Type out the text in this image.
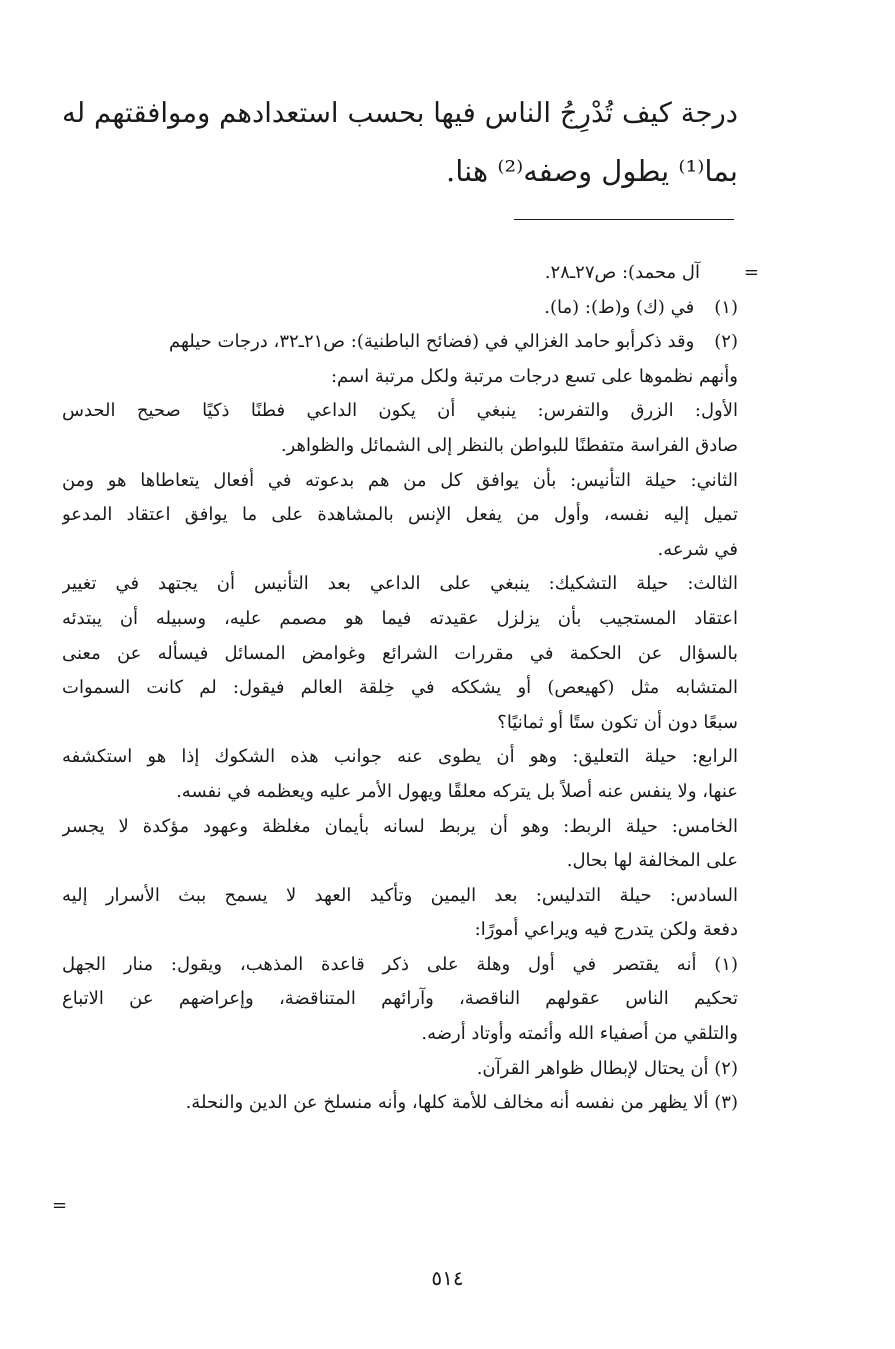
درجة كيف تُدْرِجُ الناس فيها بحسب استعدادهم وموافقتهم له
بما⁽¹⁾ يطول وصفه⁽²⁾ هنا.

آل محمد): ص٢٧ـ٢٨.
(١) في (ك) و(ط): (ما).
(٢) وقد ذكرأبو حامد الغزالي في (فضائح الباطنية): ص٢١ـ٣٢، درجات حيلهم
وأنهم نظموها على تسع درجات مرتبة ولكل مرتبة اسم:
الأول: الزرق والتفرس: ينبغي أن يكون الداعي فطنًا ذكيًا صحيح الحدس
صادق الفراسة متفطنًا للبواطن بالنظر إلى الشمائل والظواهر.
الثاني: حيلة التأنيس: بأن يوافق كل من هم بدعوته في أفعال يتعاطاها هو ومن
تميل إليه نفسه، وأول من يفعل الإنس بالمشاهدة على ما يوافق اعتقاد المدعو
في شرعه.
الثالث: حيلة التشكيك: ينبغي على الداعي بعد التأنيس أن يجتهد في تغيير
اعتقاد المستجيب بأن يزلزل عقيدته فيما هو مصمم عليه، وسبيله أن يبتدئه
بالسؤال عن الحكمة في مقررات الشرائع وغوامض المسائل فيسأله عن معنى
المتشابه مثل (كهيعص) أو يشككه في خِلقة العالم فيقول: لم كانت السموات
سبعًا دون أن تكون ستًا أو ثمانيًا؟
الرابع: حيلة التعليق: وهو أن يطوى عنه جوانب هذه الشكوك إذا هو استكشفه
عنها، ولا ينفس عنه أصلاً بل يتركه معلقًا ويهول الأمر عليه ويعظمه في نفسه.
الخامس: حيلة الربط: وهو أن يربط لسانه بأيمان مغلظة وعهود مؤكدة لا يجسر
على المخالفة لها بحال.
السادس: حيلة التدليس: بعد اليمين وتأكيد العهد لا يسمح ببث الأسرار إليه
دفعة ولكن يتدرج فيه ويراعي أمورًا:
(١) أنه يقتصر في أول وهلة على ذكر قاعدة المذهب، ويقول: منار الجهل
تحكيم الناس عقولهم الناقصة، وآرائهم المتناقضة، وإعراضهم عن الاتباع
والتلقي من أصفياء الله وأئمته وأوتاد أرضه.
(٢) أن يحتال لإبطال ظواهر القرآن.
(٣) ألا يظهر من نفسه أنه مخالف للأمة كلها، وأنه منسلخ عن الدين والنحلة.
=
=
٥١٤
